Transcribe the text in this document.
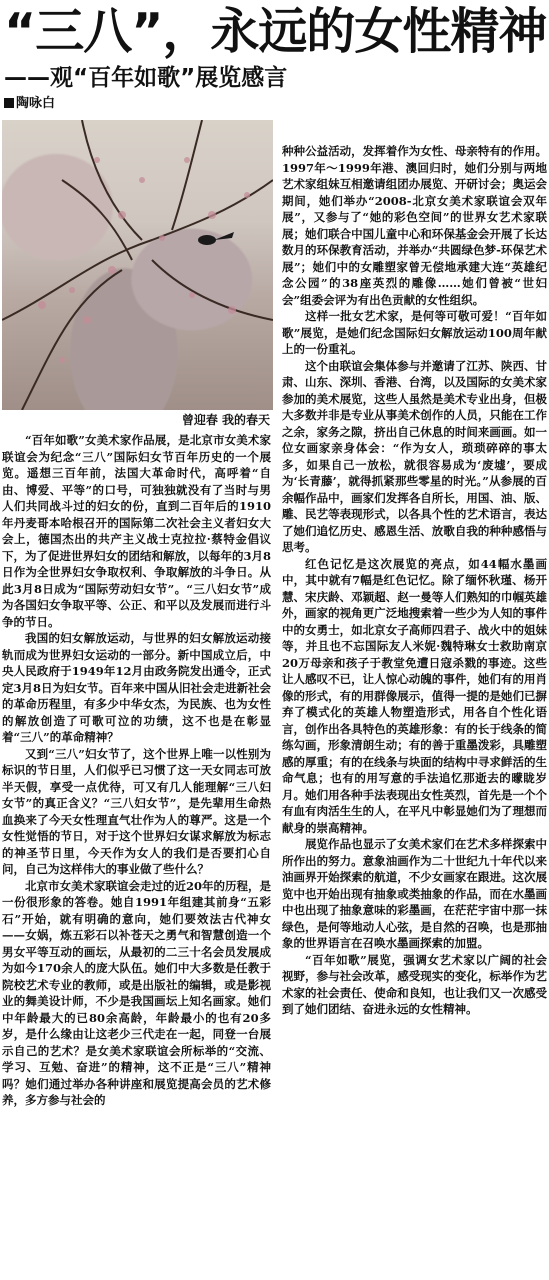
“三八”，永远的女性精神
——观“百年如歌”展览感言
陶咏白
曾迎春 我的春天

“百年如歌”女美术家作品展，是北京市女美术家联谊会为纪念“三八”国际妇女节百年历史的一个展览。遥想三百年前，法国大革命时代，高呼着“自由、博爱、平等”的口号，可独独就没有了当时与男人们共同战斗过的妇女的份，直到二百年后的1910年丹麦哥本哈根召开的国际第二次社会主义者妇女大会上，德国杰出的共产主义战士克拉拉·蔡特金倡议下，为了促进世界妇女的团结和解放，以每年的3月8日作为全世界妇女争取权利、争取解放的斗争日。从此3月8日成为“国际劳动妇女节”。“三八妇女节”成为各国妇女争取平等、公正、和平以及发展而进行斗争的节日。

我国的妇女解放运动，与世界的妇女解放运动接轨而成为世界妇女运动的一部分。新中国成立后，中央人民政府于1949年12月由政务院发出通令，正式定3月8日为妇女节。百年来中国从旧社会走进新社会的革命历程里，有多少中华女杰，为民族、也为女性的解放创造了可歌可泣的功绩，这不也是在彰显着“三八”的革命精神？

又到“三八”妇女节了，这个世界上唯一以性别为标识的节日里，人们似乎已习惯了这一天女同志可放半天假，享受一点优待，可又有几人能理解“三八妇女节”的真正含义？“三八妇女节”，是先辈用生命热血换来了今天女性理直气壮作为人的尊严。这是一个女性觉悟的节日，对于这个世界妇女谋求解放为标志的神圣节日里，今天作为女人的我们是否要扪心自问，自己为这样伟大的事业做了些什么？

北京市女美术家联谊会走过的近20年的历程，是一份很形象的答卷。她自1991年组建其前身“五彩石”开始，就有明确的意向，她们要效法古代神女——女娲，炼五彩石以补苍天之勇气和智慧创造一个男女平等互动的画坛，从最初的二三十名会员发展成为如今170余人的庞大队伍。她们中大多数是任教于院校艺术专业的教师，或是出版社的编辑，或是影视业的舞美设计师，不少是我国画坛上知名画家。她们中年龄最大的已80余高龄，年龄最小的也有20多岁，是什么缘由让这老少三代走在一起，同登一台展示自己的艺术？是女美术家联谊会所标举的“交流、学习、互勉、奋进”的精神，这不正是“三八”精神吗？她们通过举办各种讲座和展览提高会员的艺术修养，多方参与社会的

种种公益活动，发挥着作为女性、母亲特有的作用。1997年～1999年港、澳回归时，她们分别与两地艺术家组妹互相邀请组团办展览、开研讨会；奥运会期间，她们举办“2008-北京女美术家联谊会双年展”，又参与了“她的彩色空间”的世界女艺术家联展；她们联合中国儿童中心和环保基金会开展了长达数月的环保教育活动，并举办“共圆绿色梦-环保艺术展”；她们中的女雕塑家曾无偿地承建大连“英雄纪念公园”的38座英烈的雕像……她们曾被“世妇会”组委会评为有出色贡献的女性组织。

这样一批女艺术家，是何等可敬可爱！“百年如歌”展览，是她们纪念国际妇女解放运动100周年献上的一份重礼。

这个由联谊会集体参与并邀请了江苏、陕西、甘肃、山东、深圳、香港、台湾，以及国际的女美术家参加的美术展览，这些人虽然是美术专业出身，但极大多数并非是专业从事美术创作的人员，只能在工作之余，家务之隙，挤出自己休息的时间来画画。如一位女画家亲身体会：“作为女人，琐琐碎碎的事太多，如果自己一放松，就很容易成为‘废墟’，要成为‘长青藤’，就得抓紧那些零星的时光。”从参展的百余幅作品中，画家们发挥各自所长，用国、油、版、雕、民艺等表现形式，以各具个性的艺术语言，表达了她们追忆历史、感恩生活、放歌自我的种种感悟与思考。

红色记忆是这次展览的亮点，如44幅水墨画中，其中就有7幅是红色记忆。除了缅怀秋瑾、杨开慧、宋庆龄、邓颖超、赵一曼等人们熟知的巾帼英雄外，画家的视角更广泛地搜索着一些少为人知的事件中的女勇士，如北京女子高师四君子、战火中的姐妹等，并且也不忘国际友人米妮·魏特琳女士救助南京20万母亲和孩子于教堂免遭日寇杀戮的事迹。这些让人感叹不已，让人惊心动魄的事件，她们有的用肖像的形式，有的用群像展示，值得一提的是她们已摒弃了模式化的英雄人物塑造形式，用各自个性化语言，创作出各具特色的英雄形象：有的长于线条的简练勾画，形象清朗生动；有的善于重墨泼彩，具雕塑感的厚重；有的在线条与块面的结构中寻求鲜活的生命气息；也有的用写意的手法追忆那逝去的曚眬岁月。她们用各种手法表现出女性英烈，首先是一个个有血有肉活生生的人，在平凡中彰显她们为了理想而献身的崇高精神。

展览作品也显示了女美术家们在艺术多样探索中所作出的努力。意象油画作为二十世纪九十年代以来油画界开始探索的航道，不少女画家在跟进。这次展览中也开始出现有抽象或类抽象的作品，而在水墨画中也出现了抽象意味的彩墨画，在茫茫宇宙中那一抹绿色，是何等地动人心弦，是自然的召唤，也是那抽象的世界语言在召唤水墨画探索的加盟。

“百年如歌”展览，强调女艺术家以广阔的社会视野，参与社会改革，感受现实的变化，标举作为艺术家的社会责任、使命和良知，也让我们又一次感受到了她们团结、奋进永远的女性精神。
